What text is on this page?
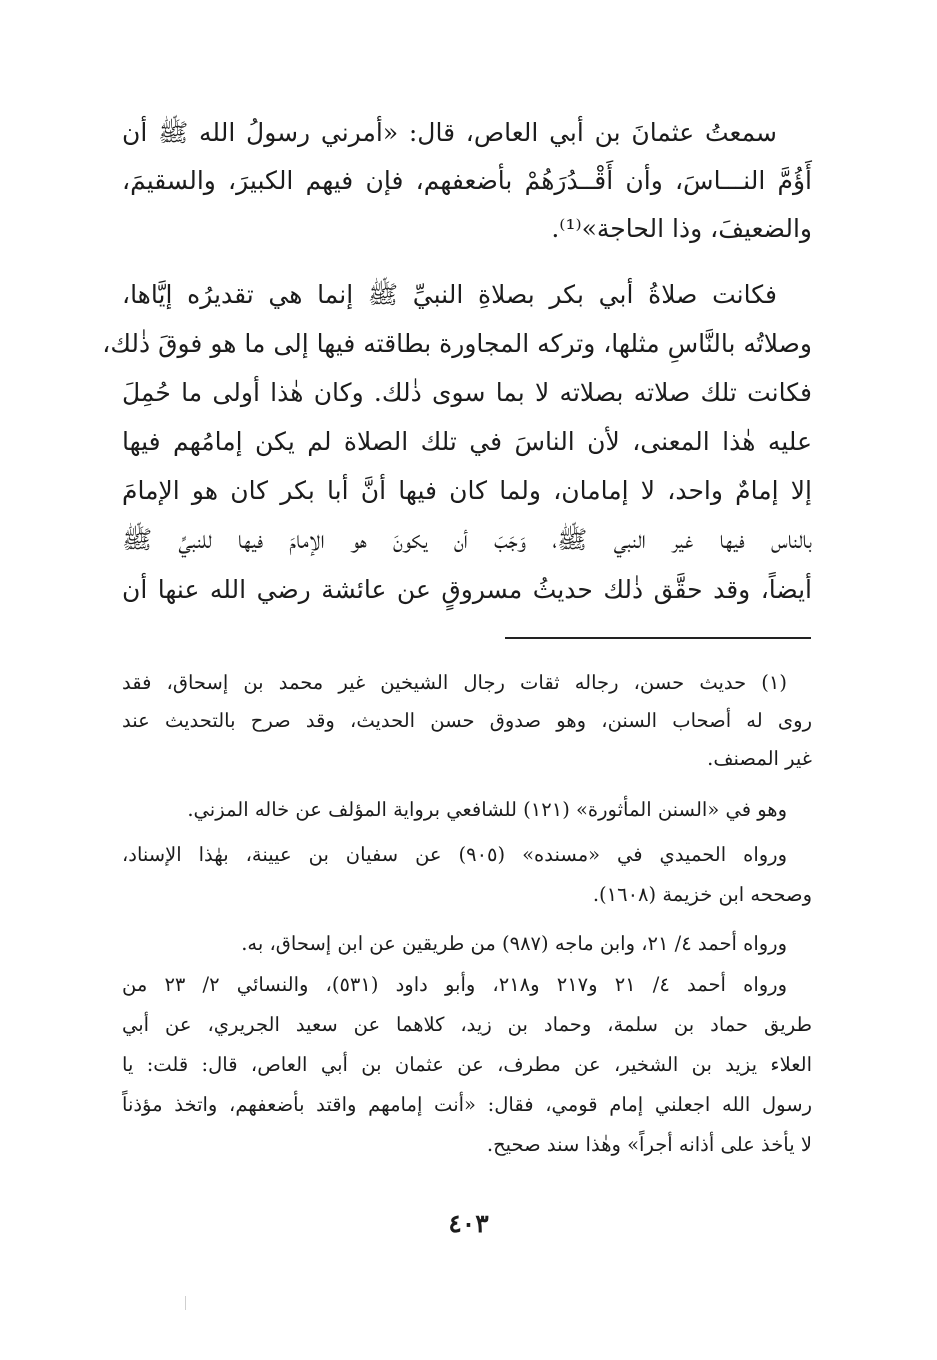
سمعتُ عثمانَ بن أبي العاص، قال: «أمرني رسولُ الله ﷺ أن
أَؤُمَّ النـــاسَ، وأن أَقْــدُرَهُمْ بأضعفهم، فإن فيهم الكبيرَ، والسقيمَ،
والضعيفَ، وذا الحاجة»⁽¹⁾.
فكانت صلاةُ أبي بكر بصلاةِ النبيِّ ﷺ إنما هي تقديرُه إيَّاها،
وصلاتُه بالنَّاسِ مثلها، وتركه المجاورة بطاقته فيها إلى ما هو فوقَ ذٰلك،
فكانت تلك صلاته بصلاته لا بما سوى ذٰلك. وكان هٰذا أولى ما حُمِلَ
عليه هٰذا المعنى، لأن الناسَ في تلك الصلاة لم يكن إمامُهم فيها
إلا إمامٌ واحد، لا إمامان، ولما كان فيها أنَّ أبا بكر كان هو الإمامَ
بالناس فيها غير النبي ﷺ، وَجَبَ أن يكونَ هو الإمامَ فيها للنبيِّ ﷺ
أيضاً، وقد حقَّق ذٰلك حديثُ مسروقٍ عن عائشة رضي الله عنها أن
(١) حديث حسن، رجاله ثقات رجال الشيخين غير محمد بن إسحاق، فقد
روى له أصحاب السنن، وهو صدوق حسن الحديث، وقد صرح بالتحديث عند
غير المصنف.
وهو في «السنن المأثورة» (١٢١) للشافعي برواية المؤلف عن خاله المزني.
ورواه الحميدي في «مسنده» (٩٠٥) عن سفيان بن عيينة، بهٰذا الإسناد،
وصححه ابن خزيمة (١٦٠٨).
ورواه أحمد ٤/ ٢١، وابن ماجه (٩٨٧) من طريقين عن ابن إسحاق، به.
ورواه أحمد ٤/ ٢١ و٢١٧ و٢١٨، وأبو داود (٥٣١)، والنسائي ٢/ ٢٣ من
طريق حماد بن سلمة، وحماد بن زيد، كلاهما عن سعيد الجريري، عن أبي
العلاء يزيد بن الشخير، عن مطرف، عن عثمان بن أبي العاص، قال: قلت: يا
رسول الله اجعلني إمام قومي، فقال: «أنت إمامهم واقتد بأضعفهم، واتخذ مؤذناً
لا يأخذ على أذانه أجراً» وهٰذا سند صحيح.
٤٠٣
